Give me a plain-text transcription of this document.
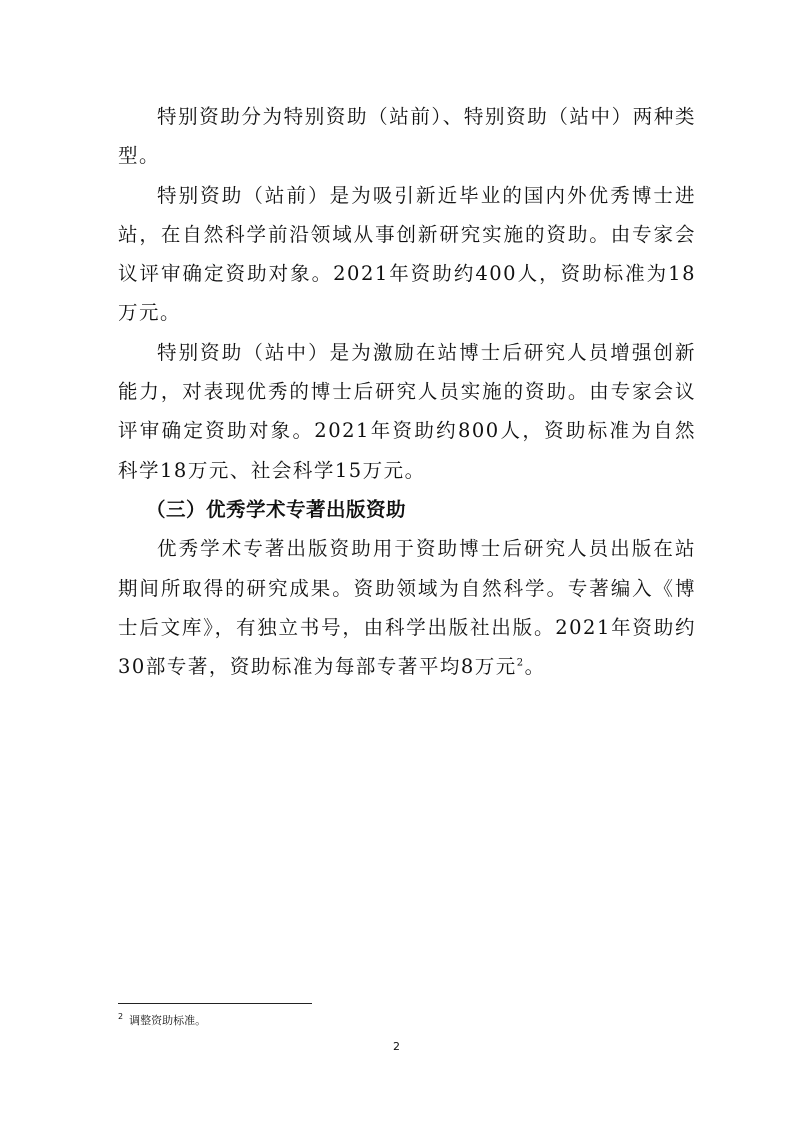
特别资助分为特别资助（站前）、特别资助（站中）两种类型。

特别资助（站前）是为吸引新近毕业的国内外优秀博士进站，在自然科学前沿领域从事创新研究实施的资助。由专家会议评审确定资助对象。2021年资助约400人，资助标准为18万元。

特别资助（站中）是为激励在站博士后研究人员增强创新能力，对表现优秀的博士后研究人员实施的资助。由专家会议评审确定资助对象。2021年资助约800人，资助标准为自然科学18万元、社会科学15万元。

（三）优秀学术专著出版资助

优秀学术专著出版资助用于资助博士后研究人员出版在站期间所取得的研究成果。资助领域为自然科学。专著编入《博士后文库》，有独立书号，由科学出版社出版。2021年资助约30部专著，资助标准为每部专著平均8万元$^2$。

$^2$ 调整资助标准。
2
